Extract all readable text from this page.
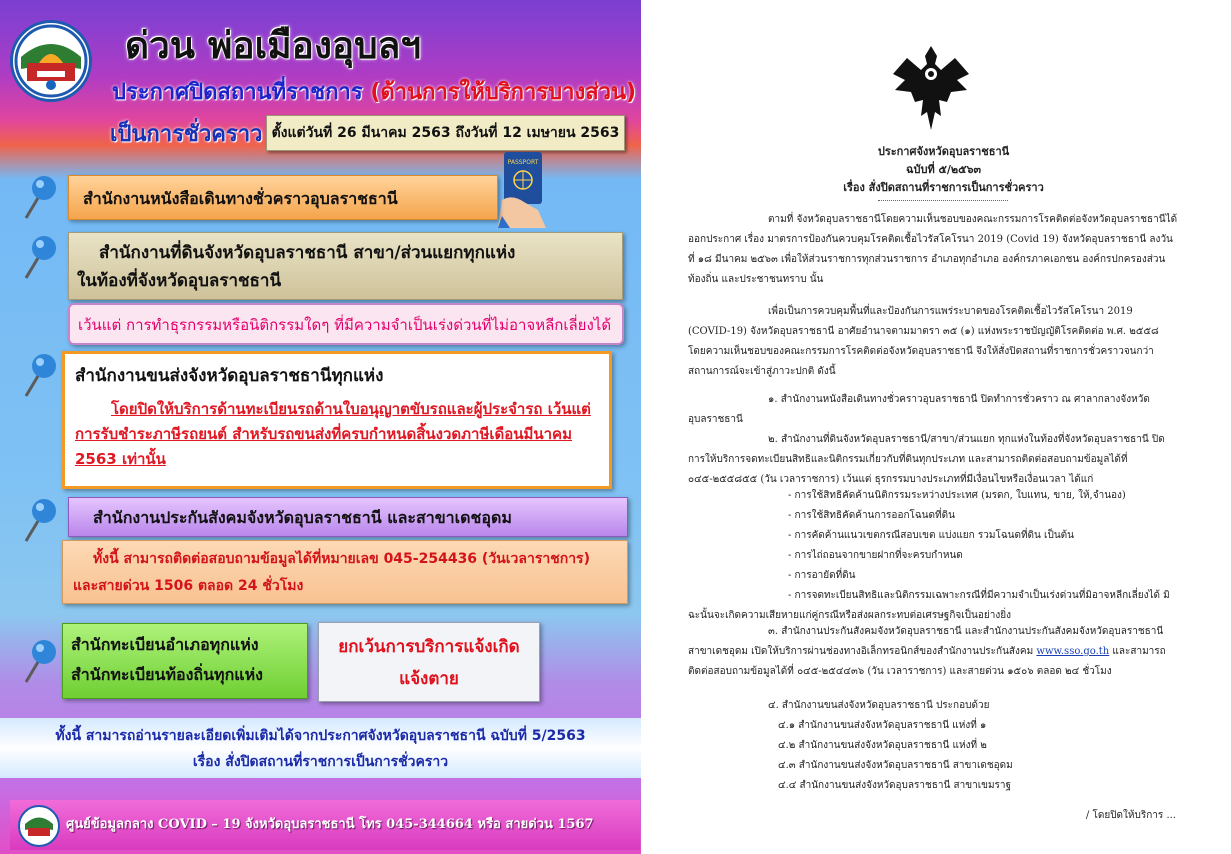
ด่วน พ่อเมืองอุบลฯ
ประกาศปิดสถานที่ราชการ (ด้านการให้บริการบางส่วน)
เป็นการชั่วคราว ตั้งแต่วันที่ 26 มีนาคม 2563 ถึงวันที่ 12 เมษายน 2563
PASSPORT
สำนักงานหนังสือเดินทางชั่วคราวอุบลราชธานี
สำนักงานที่ดินจังหวัดอุบลราชธานี สาขา/ส่วนแยกทุกแห่ง
ในท้องที่จังหวัดอุบลราชธานี
เว้นแต่ การทำธุรกรรมหรือนิติกรรมใดๆ ที่มีความจำเป็นเร่งด่วนที่ไม่อาจหลีกเลี่ยงได้
สำนักงานขนส่งจังหวัดอุบลราชธานีทุกแห่ง
โดยปิดให้บริการด้านทะเบียนรถด้านใบอนุญาตขับรถและผู้ประจำรถ เว้นแต่ การรับชำระภาษีรถยนต์ สำหรับรถขนส่งที่ครบกำหนดสิ้นงวดภาษีเดือนมีนาคม 2563 เท่านั้น
สำนักงานประกันสังคมจังหวัดอุบลราชธานี และสาขาเดชอุดม
ทั้งนี้ สามารถติดต่อสอบถามข้อมูลได้ที่หมายเลข 045-254436 (วันเวลาราชการ) และสายด่วน 1506 ตลอด 24 ชั่วโมง
สำนักทะเบียนอำเภอทุกแห่ง
สำนักทะเบียนท้องถิ่นทุกแห่ง
ยกเว้นการบริการแจ้งเกิด
แจ้งตาย
ทั้งนี้ สามารถอ่านรายละเอียดเพิ่มเติมได้จากประกาศจังหวัดอุบลราชธานี ฉบับที่ 5/2563
เรื่อง สั่งปิดสถานที่ราชการเป็นการชั่วคราว
ศูนย์ข้อมูลกลาง COVID – 19 จังหวัดอุบลราชธานี โทร 045-344664 หรือ สายด่วน 1567
ประกาศจังหวัดอุบลราชธานี
ฉบับที่ ๕/๒๕๖๓
เรื่อง สั่งปิดสถานที่ราชการเป็นการชั่วคราว
ตามที่ จังหวัดอุบลราชธานีโดยความเห็นชอบของคณะกรรมการโรคติดต่อจังหวัดอุบลราชธานีได้ออกประกาศ เรื่อง มาตรการป้องกันควบคุมโรคติดเชื้อไวรัสโคโรนา 2019 (Covid 19) จังหวัดอุบลราชธานี ลงวันที่ ๑๘ มีนาคม ๒๕๖๓ เพื่อให้ส่วนราชการทุกส่วนราชการ อำเภอทุกอำเภอ องค์กรภาคเอกชน องค์กรปกครองส่วนท้องถิ่น และประชาชนทราบ นั้น
เพื่อเป็นการควบคุมพื้นที่และป้องกันการแพร่ระบาดของโรคติดเชื้อไวรัสโคโรนา 2019 (COVID-19) จังหวัดอุบลราชธานี อาศัยอำนาจตามมาตรา ๓๕ (๑) แห่งพระราชบัญญัติโรคติดต่อ พ.ศ. ๒๕๕๘ โดยความเห็นชอบของคณะกรรมการโรคติดต่อจังหวัดอุบลราชธานี จึงให้สั่งปิดสถานที่ราชการชั่วคราวจนกว่าสถานการณ์จะเข้าสู่ภาวะปกติ ดังนี้
๑. สำนักงานหนังสือเดินทางชั่วคราวอุบลราชธานี ปิดทำการชั่วคราว ณ ศาลากลางจังหวัดอุบลราชธานี
๒. สำนักงานที่ดินจังหวัดอุบลราชธานี/สาขา/ส่วนแยก ทุกแห่งในท้องที่จังหวัดอุบลราชธานี ปิดการให้บริการจดทะเบียนสิทธิและนิติกรรมเกี่ยวกับที่ดินทุกประเภท และสามารถติดต่อสอบถามข้อมูลได้ที่ ๐๔๕-๒๕๕๘๕๕ (วัน เวลาราชการ) เว้นแต่ ธุรกรรมบางประเภทที่มีเงื่อนไขหรือเงื่อนเวลา ได้แก่
- การใช้สิทธิคัดค้านนิติกรรมระหว่างประเทศ (มรดก, ใบแทน, ขาย, ให้,จำนอง)
- การใช้สิทธิคัดค้านการออกโฉนดที่ดิน
- การคัดค้านแนวเขตกรณีสอบเขต แบ่งแยก รวมโฉนดที่ดิน เป็นต้น
- การไถ่ถอนจากขายฝากที่จะครบกำหนด
- การอายัดที่ดิน
- การจดทะเบียนสิทธิและนิติกรรมเฉพาะกรณีที่มีความจำเป็นเร่งด่วนที่มิอาจหลีกเลี่ยงได้ มิฉะนั้นจะเกิดความเสียหายแก่คู่กรณีหรือส่งผลกระทบต่อเศรษฐกิจเป็นอย่างยิ่ง
๓. สำนักงานประกันสังคมจังหวัดอุบลราชธานี และสำนักงานประกันสังคมจังหวัดอุบลราชธานี สาขาเดชอุดม เปิดให้บริการผ่านช่องทางอิเล็กทรอนิกส์ของสำนักงานประกันสังคม www.sso.go.th และสามารถติดต่อสอบถามข้อมูลได้ที่ ๐๔๕-๒๕๔๔๓๖ (วัน เวลาราชการ) และสายด่วน ๑๕๐๖ ตลอด ๒๔ ชั่วโมง
๔. สำนักงานขนส่งจังหวัดอุบลราชธานี ประกอบด้วย
๔.๑ สำนักงานขนส่งจังหวัดอุบลราชธานี แห่งที่ ๑
๔.๒ สำนักงานขนส่งจังหวัดอุบลราชธานี แห่งที่ ๒
๔.๓ สำนักงานขนส่งจังหวัดอุบลราชธานี สาขาเดชอุดม
๔.๔ สำนักงานขนส่งจังหวัดอุบลราชธานี สาขาเขมราฐ
/ โดยปิดให้บริการ ...
